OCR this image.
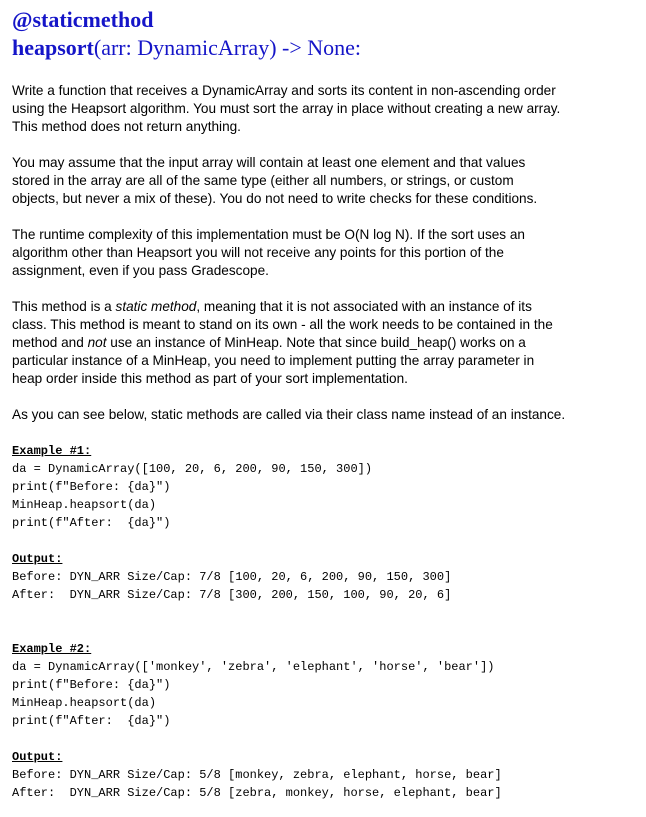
@staticmethod
heapsort(arr: DynamicArray) -> None:
Write a function that receives a DynamicArray and sorts its content in non-ascending order
using the Heapsort algorithm. You must sort the array in place without creating a new array.
This method does not return anything.
You may assume that the input array will contain at least one element and that values
stored in the array are all of the same type (either all numbers, or strings, or custom
objects, but never a mix of these). You do not need to write checks for these conditions.
The runtime complexity of this implementation must be O(N log N). If the sort uses an
algorithm other than Heapsort you will not receive any points for this portion of the
assignment, even if you pass Gradescope.
This method is a static method, meaning that it is not associated with an instance of its
class. This method is meant to stand on its own - all the work needs to be contained in the
method and not use an instance of MinHeap. Note that since build_heap() works on a
particular instance of a MinHeap, you need to implement putting the array parameter in
heap order inside this method as part of your sort implementation.
As you can see below, static methods are called via their class name instead of an instance.
Example #1:
da = DynamicArray([100, 20, 6, 200, 90, 150, 300])
print(f"Before: {da}")
MinHeap.heapsort(da)
print(f"After:  {da}")
Output:
Before: DYN_ARR Size/Cap: 7/8 [100, 20, 6, 200, 90, 150, 300]
After:  DYN_ARR Size/Cap: 7/8 [300, 200, 150, 100, 90, 20, 6]
Example #2:
da = DynamicArray(['monkey', 'zebra', 'elephant', 'horse', 'bear'])
print(f"Before: {da}")
MinHeap.heapsort(da)
print(f"After:  {da}")
Output:
Before: DYN_ARR Size/Cap: 5/8 [monkey, zebra, elephant, horse, bear]
After:  DYN_ARR Size/Cap: 5/8 [zebra, monkey, horse, elephant, bear]
